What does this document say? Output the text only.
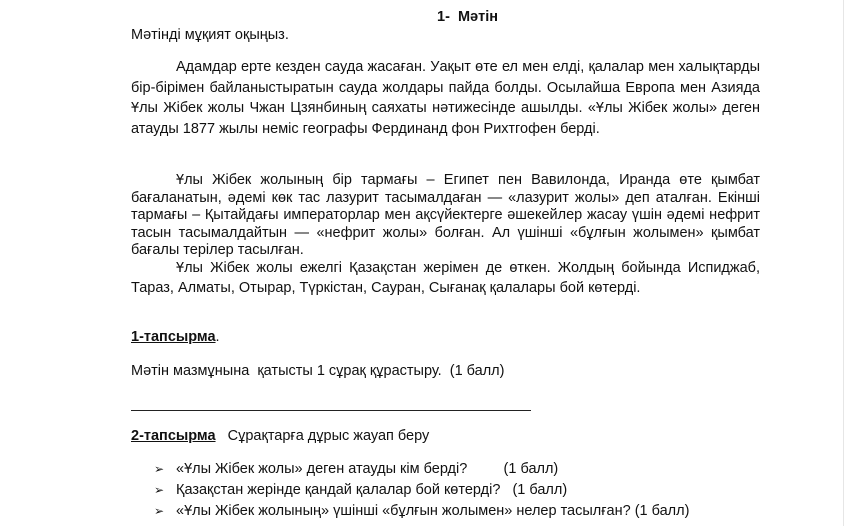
1-  Мәтін
Мәтінді мұқият оқыңыз.

Адамдар ерте кезден сауда жасаған. Уақыт өте ел мен елді, қалалар мен халықтарды бір-бірімен байланыстыратын сауда жолдары пайда болды. Осылайша Европа мен Азияда Ұлы Жібек жолы Чжан Цзянбиның саяхаты нәтижесінде ашылды. «Ұлы Жібек жолы» деген атауды 1877 жылы неміс географы Фердинанд фон Рихтгофен берді.

Ұлы Жібек жолының бір тармағы – Египет пен Вавилонда, Иранда өте қымбат бағаланатын, әдемі көк тас лазурит тасымалдаған — «лазурит жолы» деп аталған. Екінші тармағы – Қытайдағы императорлар мен ақсүйектерге әшекейлер жасау үшін әдемі нефрит тасын тасымалдайтын — «нефрит жолы» болған. Ал үшінші «бұлғын жолымен» қымбат бағалы терілер тасылған.

Ұлы Жібек жолы ежелгі Қазақстан жерімен де өткен. Жолдың бойында Испиджаб, Тараз, Алматы, Отырар, Түркістан, Сауран, Сығанақ қалалары бой көтерді.

1-тапсырма.
Мәтін мазмұнына  қатысты 1 сұрақ құрастыру.  (1 балл)
2-тапсырма Сұрақтарға дұрыс жауап беру
➢ «Ұлы Жібек жолы» деген атауды кім берді?         (1 балл)
➢ Қазақстан жерінде қандай қалалар бой көтерді?   (1 балл)
➢ «Ұлы Жібек жолының» үшінші «бұлғын жолымен» нелер тасылған? (1 балл)
